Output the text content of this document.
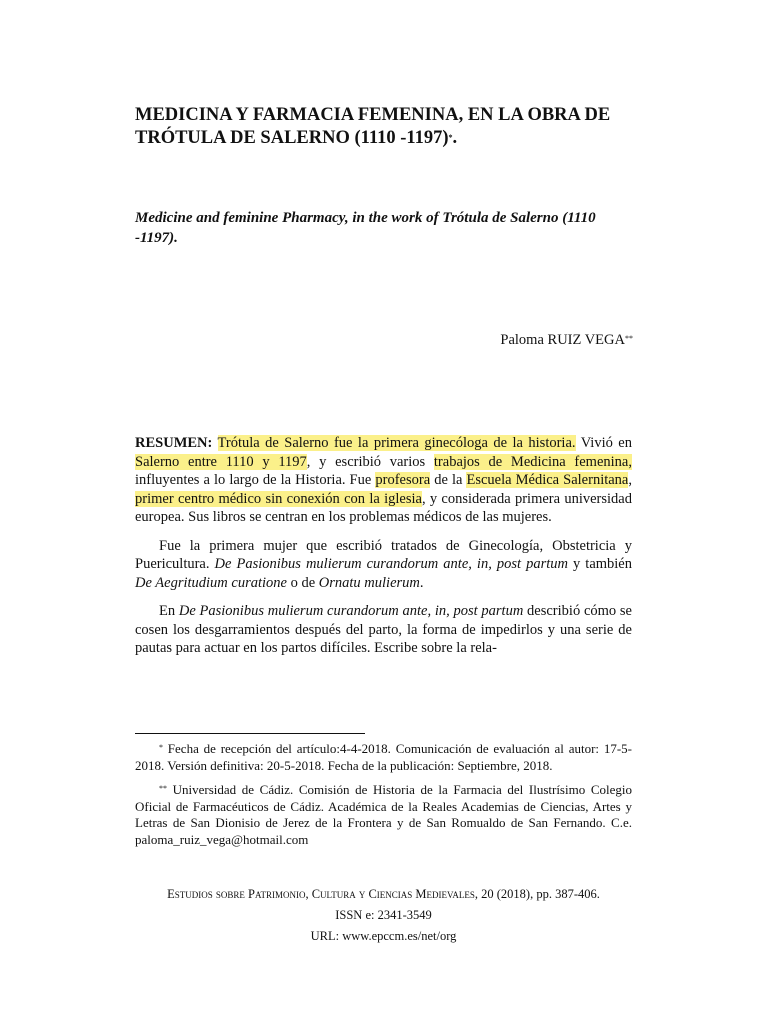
MEDICINA Y FARMACIA FEMENINA, EN LA OBRA DE TRÓTULA DE SALERNO (1110 -1197)*.
Medicine and feminine Pharmacy, in the work of Trótula de Salerno (1110 -1197).
Paloma RUIZ VEGA**

RESUMEN: Trótula de Salerno fue la primera ginecóloga de la historia. Vivió en Salerno entre 1110 y 1197, y escribió varios trabajos de Medicina femenina, influyentes a lo largo de la Historia. Fue profesora de la Escuela Médica Salernitana, primer centro médico sin conexión con la iglesia, y considerada primera universidad europea. Sus libros se centran en los problemas médicos de las mujeres.

Fue la primera mujer que escribió tratados de Ginecología, Obstetricia y Puericultura. De Pasionibus mulierum curandorum ante, in, post partum y también De Aegritudium curatione o de Ornatu mulierum.

En De Pasionibus mulierum curandorum ante, in, post partum describió cómo se cosen los desgarramientos después del parto, la forma de impedirlos y una serie de pautas para actuar en los partos difíciles. Escribe sobre la rela-

* Fecha de recepción del artículo:4-4-2018. Comunicación de evaluación al autor: 17-5-2018. Versión definitiva: 20-5-2018. Fecha de la publicación: Septiembre, 2018.

** Universidad de Cádiz. Comisión de Historia de la Farmacia del Ilustrísimo Colegio Oficial de Farmacéuticos de Cádiz. Académica de la Reales Academias de Ciencias, Artes y Letras de San Dionisio de Jerez de la Frontera y de San Romualdo de San Fernando. C.e. paloma_ruiz_vega@hotmail.com

Estudios sobre Patrimonio, Cultura y Ciencias Medievales, 20 (2018), pp. 387-406.
ISSN e: 2341-3549
URL: www.epccm.es/net/org
